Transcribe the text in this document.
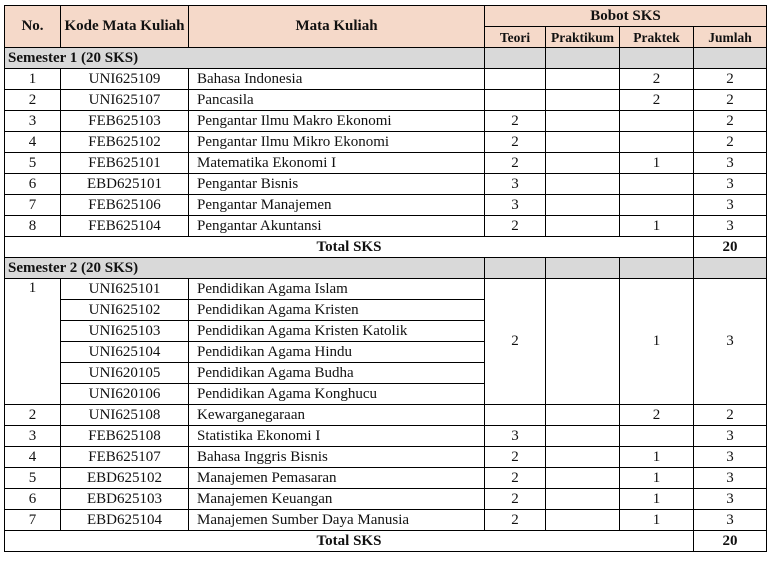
No.	Kode Mata Kuliah	Mata Kuliah	Bobot SKS			
			Teori	Praktikum	Praktek	Jumlah
Semester 1 (20 SKS)						
1	UNI625109	Bahasa Indonesia			2	2
2	UNI625107	Pancasila			2	2
3	FEB625103	Pengantar Ilmu Makro Ekonomi	2			2
4	FEB625102	Pengantar Ilmu Mikro Ekonomi	2			2
5	FEB625101	Matematika Ekonomi I	2		1	3
6	EBD625101	Pengantar Bisnis	3			3
7	FEB625106	Pengantar Manajemen	3			3
8	FEB625104	Pengantar Akuntansi	2		1	3
Total SKS						20
Semester 2 (20 SKS)						
1	UNI625101	Pendidikan Agama Islam	2		1	3
	UNI625102	Pendidikan Agama Kristen				
	UNI625103	Pendidikan Agama Kristen Katolik				
	UNI625104	Pendidikan Agama Hindu				
	UNI620105	Pendidikan Agama Budha				
	UNI620106	Pendidikan Agama Konghucu				
2	UNI625108	Kewarganegaraan			2	2
3	FEB625108	Statistika Ekonomi I	3			3
4	FEB625107	Bahasa Inggris Bisnis	2		1	3
5	EBD625102	Manajemen Pemasaran	2		1	3
6	EBD625103	Manajemen Keuangan	2		1	3
7	EBD625104	Manajemen Sumber Daya Manusia	2		1	3
Total SKS						20
